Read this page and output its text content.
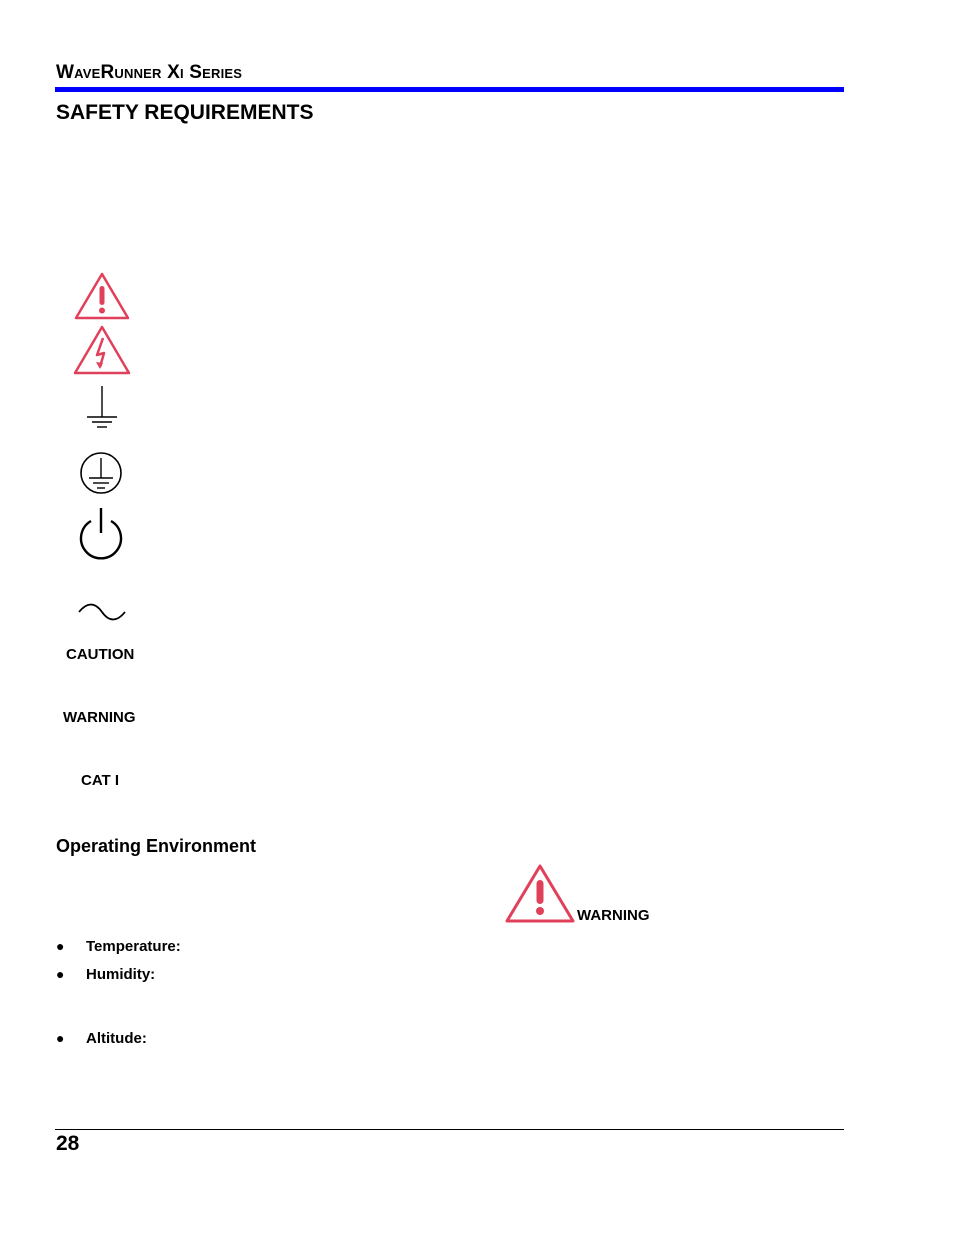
WaveRunner Xi Series
SAFETY REQUIREMENTS
CAUTION
WARNING
CAT I
Operating Environment
WARNING
● Temperature:
● Humidity:
● Altitude:
28
